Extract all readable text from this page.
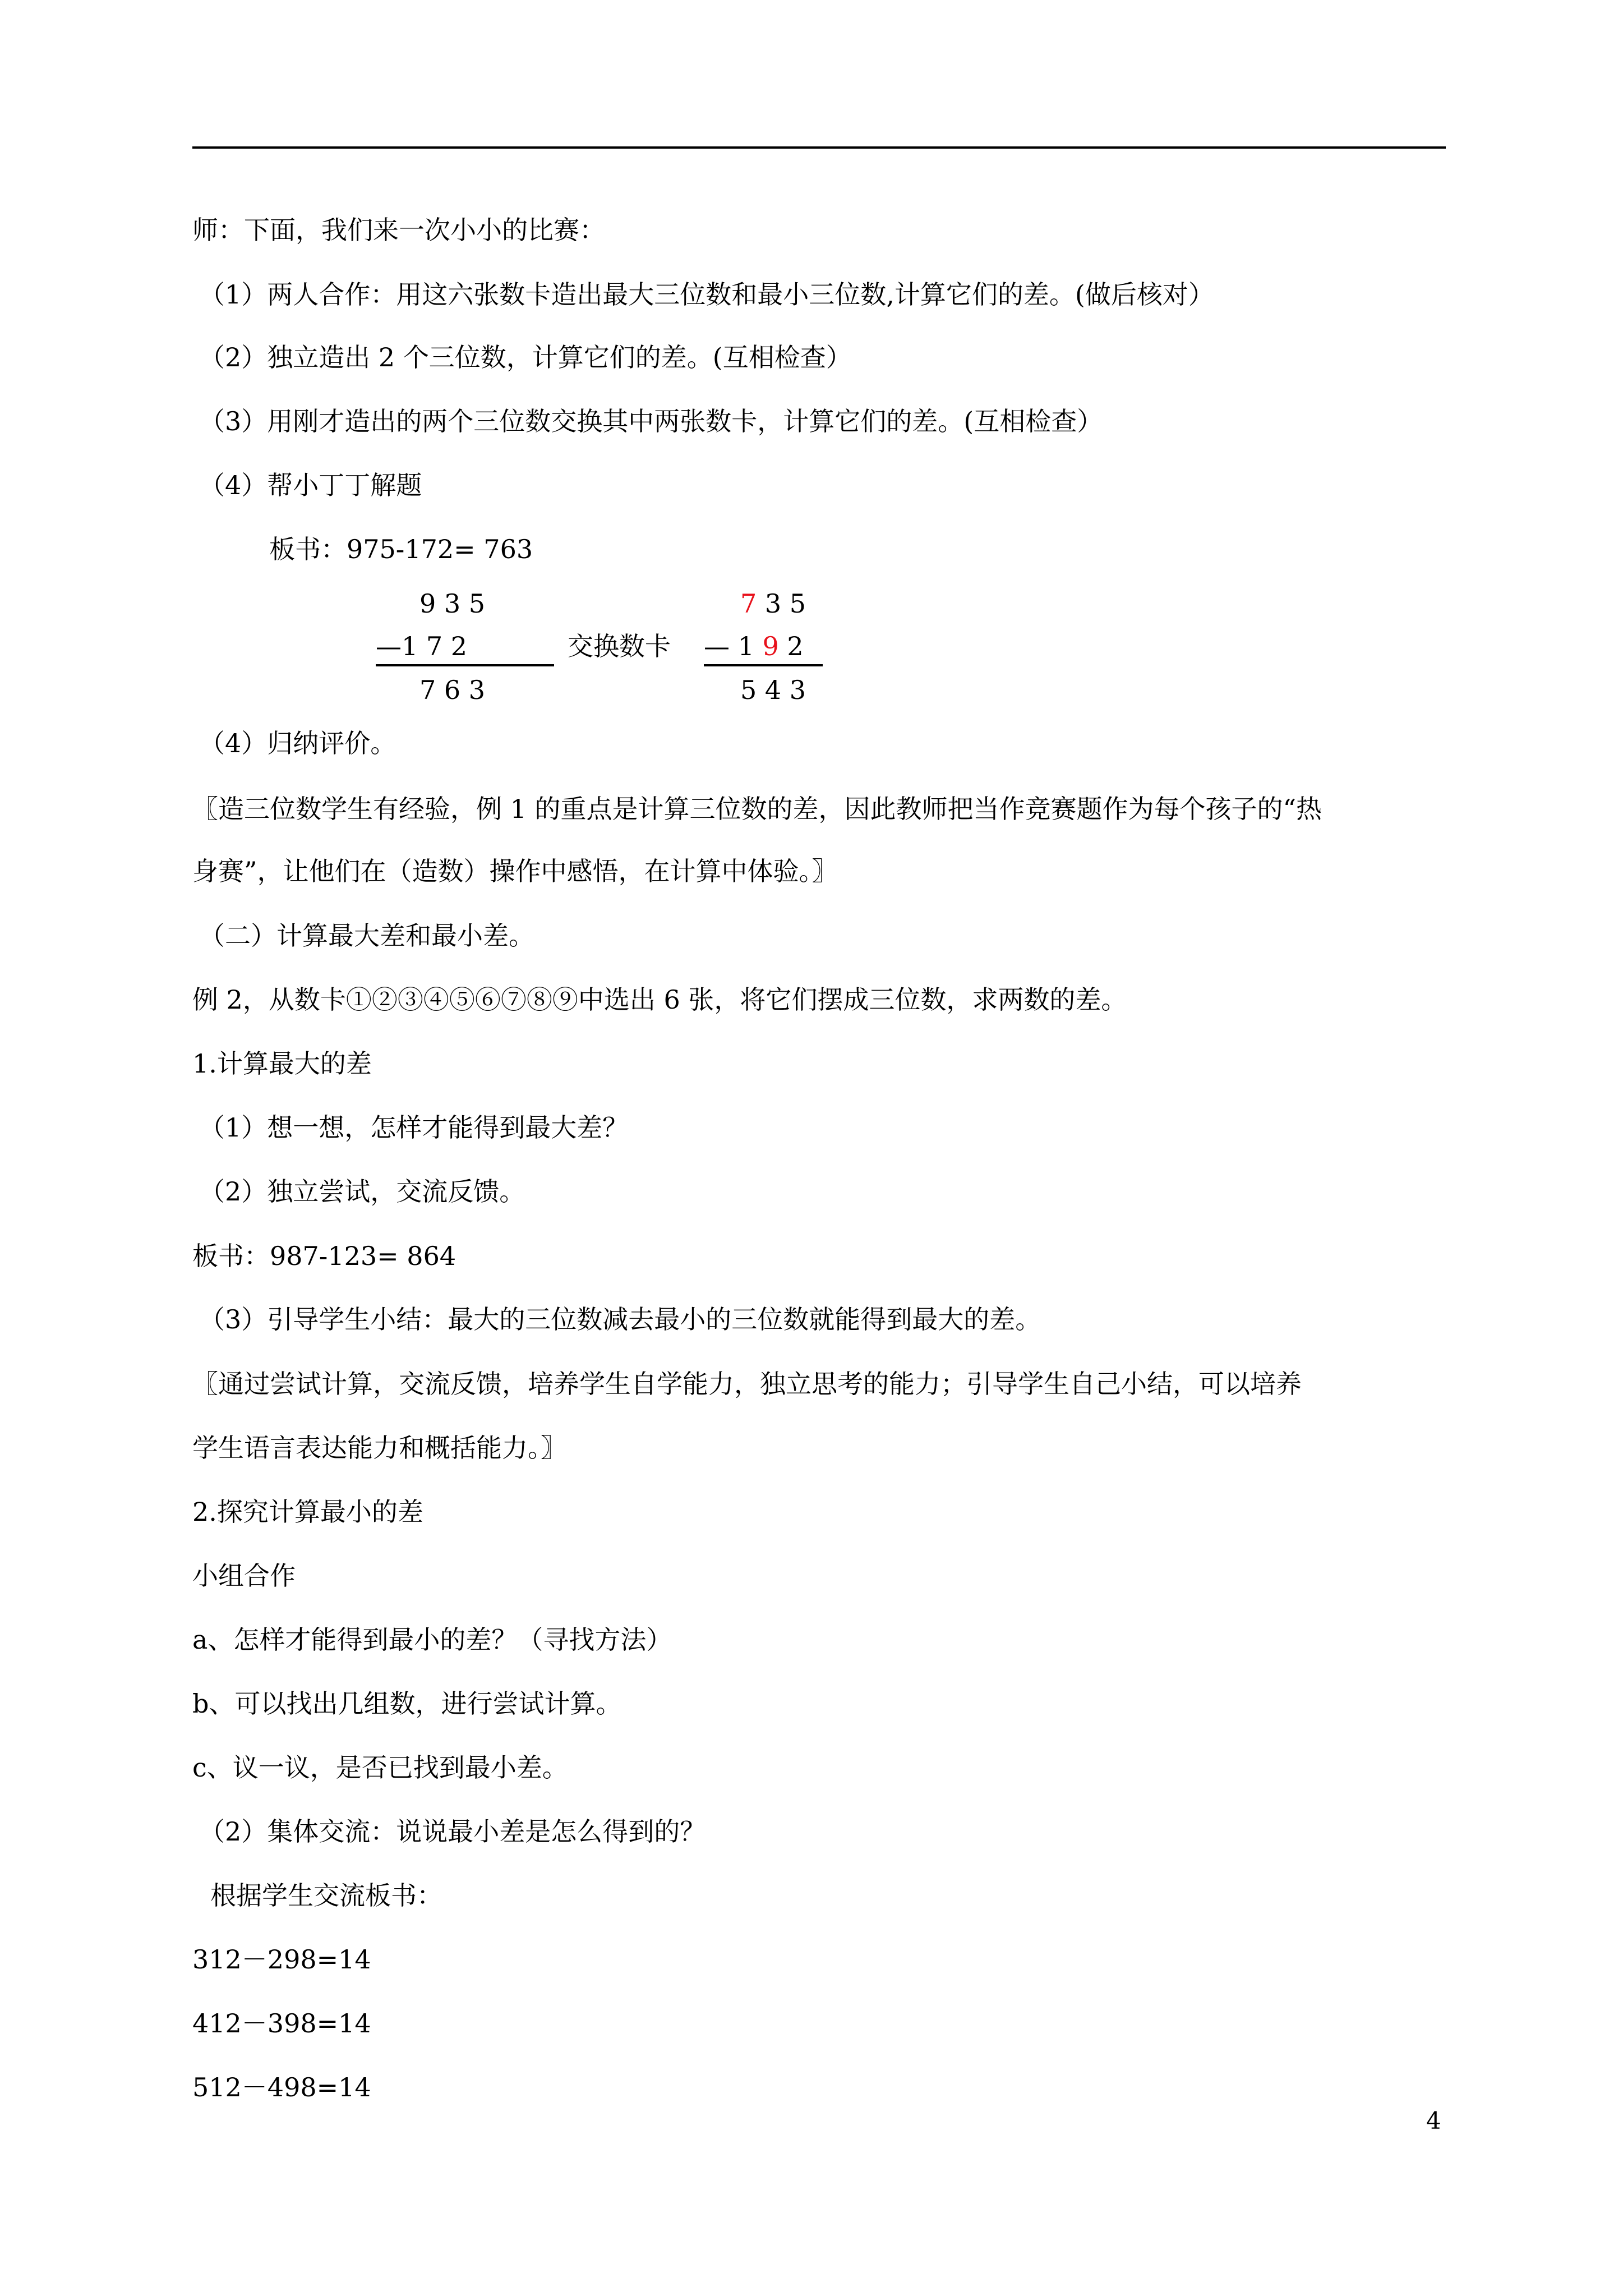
师：下面，我们来一次小小的比赛：
（1）两人合作：用这六张数卡造出最大三位数和最小三位数,计算它们的差。(做后核对）
（2）独立造出 2 个三位数，计算它们的差。(互相检查）
（3）用刚才造出的两个三位数交换其中两张数卡，计算它们的差。(互相检查）
（4）帮小丁丁解题
板书：975-172= 763
9 3 5
—1 7 2
7 6 3
交换数卡
7 3 5
— 1 9 2
5 4 3
（4）归纳评价。
〖造三位数学生有经验，例 1 的重点是计算三位数的差，因此教师把当作竞赛题作为每个孩子的“热
身赛”，让他们在（造数）操作中感悟，在计算中体验。〗
（二）计算最大差和最小差。
例 2，从数卡①②③④⑤⑥⑦⑧⑨中选出 6 张，将它们摆成三位数，求两数的差。
1.计算最大的差
（1）想一想，怎样才能得到最大差？
（2）独立尝试，交流反馈。
板书：987-123= 864
（3）引导学生小结：最大的三位数减去最小的三位数就能得到最大的差。
〖通过尝试计算，交流反馈，培养学生自学能力，独立思考的能力；引导学生自己小结，可以培养
学生语言表达能力和概括能力。〗
2.探究计算最小的差
小组合作
a、怎样才能得到最小的差？（寻找方法）
b、可以找出几组数，进行尝试计算。
c、议一议，是否已找到最小差。
（2）集体交流：说说最小差是怎么得到的？
根据学生交流板书：
312－298=14
412－398=14
512－498=14
4
